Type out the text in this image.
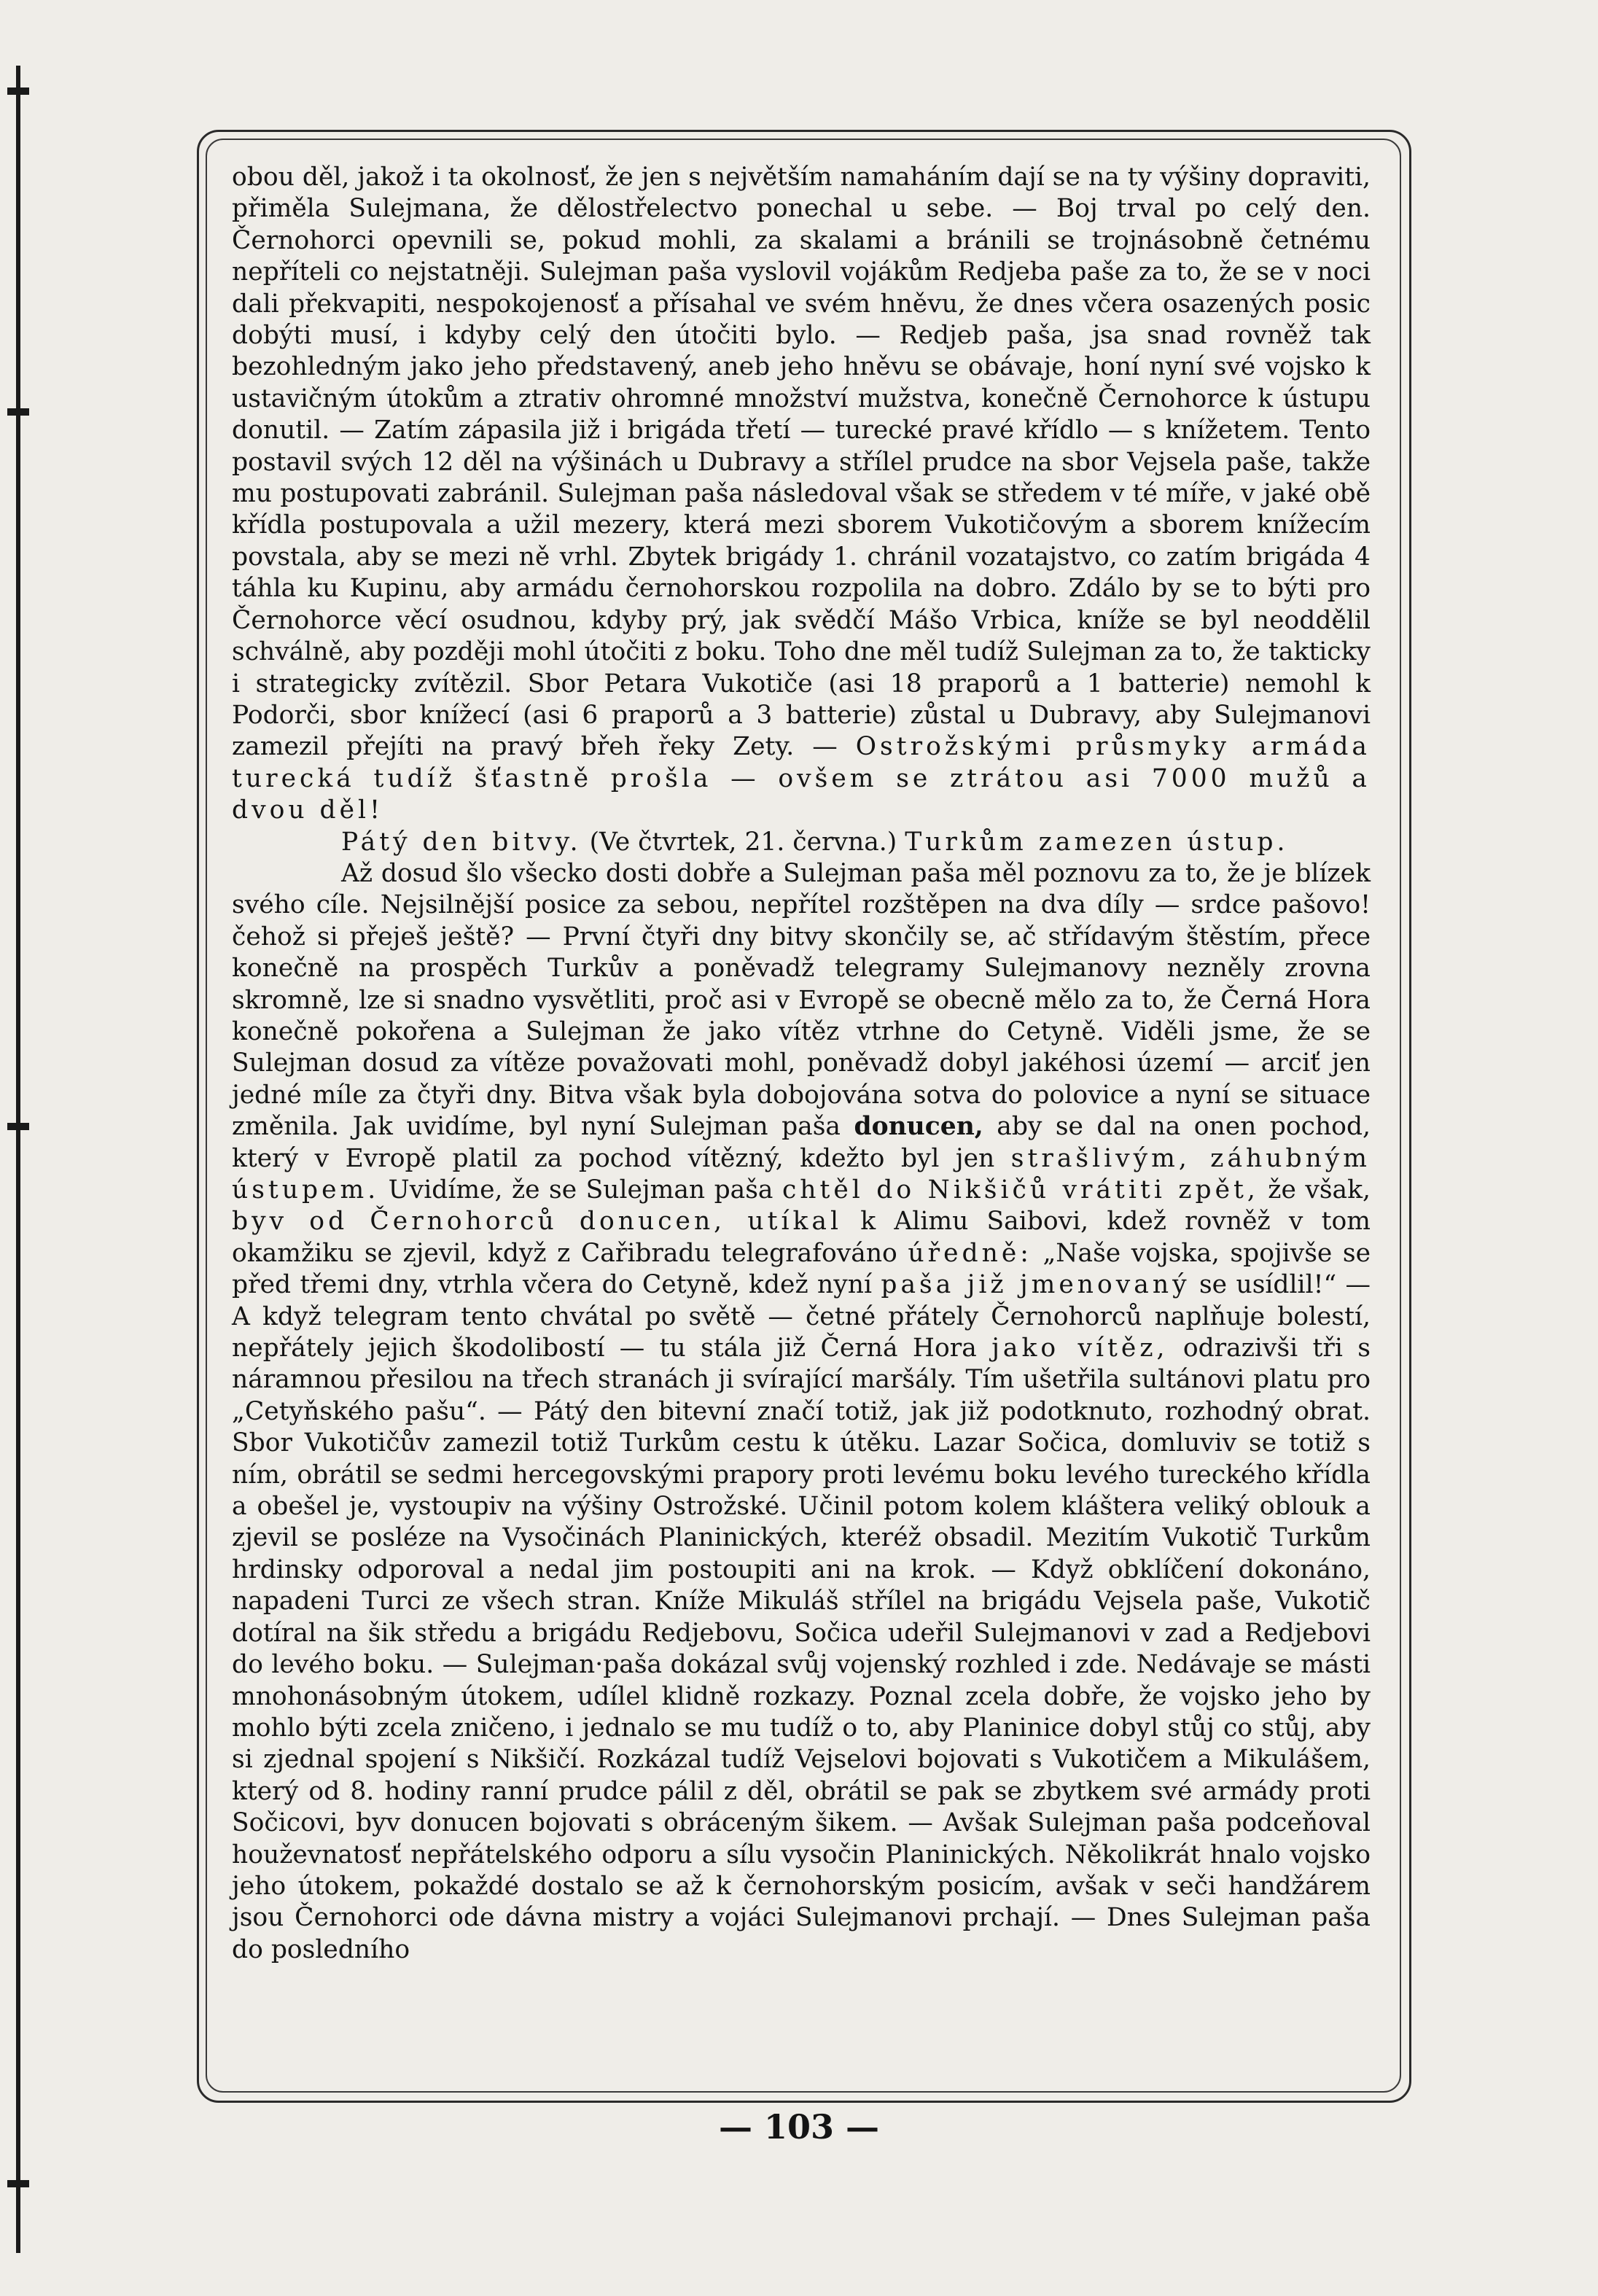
obou děl, jakož i ta okolnosť, že jen s největším namaháním dají se na ty výšiny dopraviti, přiměla Sulejmana, že dělostřelectvo ponechal u sebe. — Boj trval po celý den. Černohorci opevnili se, pokud mohli, za skalami a bránili se trojnásobně četnému nepříteli co nejstatněji. Sulejman paša vyslovil vojákům Redjeba paše za to, že se v noci dali překvapiti, nespokojenosť a přísahal ve svém hněvu, že dnes včera osazených posic dobýti musí, i kdyby celý den útočiti bylo. — Redjeb paša, jsa snad rovněž tak bezohledným jako jeho představený, aneb jeho hněvu se obávaje, honí nyní své vojsko k ustavičným útokům a ztrativ ohromné množství mužstva, konečně Černohorce k ústupu donutil. — Zatím zápasila již i brigáda třetí — turecké pravé křídlo — s knížetem. Tento postavil svých 12 děl na výšinách u Dubravy a střílel prudce na sbor Vejsela paše, takže mu postupovati zabránil. Sulejman paša následoval však se středem v té míře, v jaké obě křídla postupovala a užil mezery, která mezi sborem Vukotičovým a sborem knížecím povstala, aby se mezi ně vrhl. Zbytek brigády 1. chránil vozatajstvo, co zatím brigáda 4 táhla ku Kupinu, aby armádu černohorskou rozpolila na dobro. Zdálo by se to býti pro Černohorce věcí osudnou, kdyby prý, jak svědčí Mášo Vrbica, kníže se byl neoddělil schválně, aby později mohl útočiti z boku. Toho dne měl tudíž Sulejman za to, že takticky i strategicky zvítězil. Sbor Petara Vukotiče (asi 18 praporů a 1 batterie) nemohl k Podorči, sbor knížecí (asi 6 praporů a 3 batterie) zůstal u Dubravy, aby Sulejmanovi zamezil přejíti na pravý břeh řeky Zety. — Ostrožskými průsmyky armáda turecká tudíž šťastně prošla — ovšem se ztrátou asi 7000 mužů a dvou děl!

Pátý den bitvy. (Ve čtvrtek, 21. června.) Turkům zamezen ústup.

Až dosud šlo všecko dosti dobře a Sulejman paša měl poznovu za to, že je blízek svého cíle. Nejsilnější posice za sebou, nepřítel rozštěpen na dva díly — srdce pašovo! čehož si přeješ ještě? — První čtyři dny bitvy skončily se, ač střídavým štěstím, přece konečně na prospěch Turkův a poněvadž telegramy Sulejmanovy nezněly zrovna skromně, lze si snadno vysvětliti, proč asi v Evropě se obecně mělo za to, že Černá Hora konečně pokořena a Sulejman že jako vítěz vtrhne do Cetyně. Viděli jsme, že se Sulejman dosud za vítěze považovati mohl, poněvadž dobyl jakéhosi území — arciť jen jedné míle za čtyři dny. Bitva však byla dobojována sotva do polovice a nyní se situace změnila. Jak uvidíme, byl nyní Sulejman paša donucen, aby se dal na onen pochod, který v Evropě platil za pochod vítězný, kdežto byl jen strašlivým, záhubným ústupem. Uvidíme, že se Sulejman paša chtěl do Nikšičů vrátiti zpět, že však, byv od Černohorců donucen, utíkal k Alimu Saibovi, kdež rovněž v tom okamžiku se zjevil, když z Cařibradu telegrafováno úředně: „Naše vojska, spojivše se před třemi dny, vtrhla včera do Cetyně, kdež nyní paša již jmenovaný se usídlil!“ — A když telegram tento chvátal po světě — četné přátely Černohorců naplňuje bolestí, nepřátely jejich škodolibostí — tu stála již Černá Hora jako vítěz, odrazivši tři s náramnou přesilou na třech stranách ji svírající maršály. Tím ušetřila sultánovi platu pro „Cetyňského pašu“. — Pátý den bitevní značí totiž, jak již podotknuto, rozhodný obrat. Sbor Vukotičův zamezil totiž Turkům cestu k útěku. Lazar Sočica, domluviv se totiž s ním, obrátil se sedmi hercegovskými prapory proti levému boku levého tureckého křídla a obešel je, vystoupiv na výšiny Ostrožské. Učinil potom kolem kláštera veliký oblouk a zjevil se posléze na Vysočinách Planinických, kteréž obsadil. Mezitím Vukotič Turkům hrdinsky odporoval a nedal jim postoupiti ani na krok. — Když obklíčení dokonáno, napadeni Turci ze všech stran. Kníže Mikuláš střílel na brigádu Vejsela paše, Vukotič dotíral na šik středu a brigádu Redjebovu, Sočica udeřil Sulejmanovi v zad a Redjebovi do levého boku. — Sulejman·paša dokázal svůj vojenský rozhled i zde. Nedávaje se másti mnohonásobným útokem, udílel klidně rozkazy. Poznal zcela dobře, že vojsko jeho by mohlo býti zcela zničeno, i jednalo se mu tudíž o to, aby Planinice dobyl stůj co stůj, aby si zjednal spojení s Nikšičí. Rozkázal tudíž Vejselovi bojovati s Vukotičem a Mikulášem, který od 8. hodiny ranní prudce pálil z děl, obrátil se pak se zbytkem své armády proti Sočicovi, byv donucen bojovati s obráceným šikem. — Avšak Sulejman paša podceňoval houževnatosť nepřátelského odporu a sílu vysočin Planinických. Několikrát hnalo vojsko jeho útokem, pokaždé dostalo se až k černohorským posicím, avšak v seči handžárem jsou Černohorci ode dávna mistry a vojáci Sulejmanovi prchají. — Dnes Sulejman paša do posledního

— 103 —
